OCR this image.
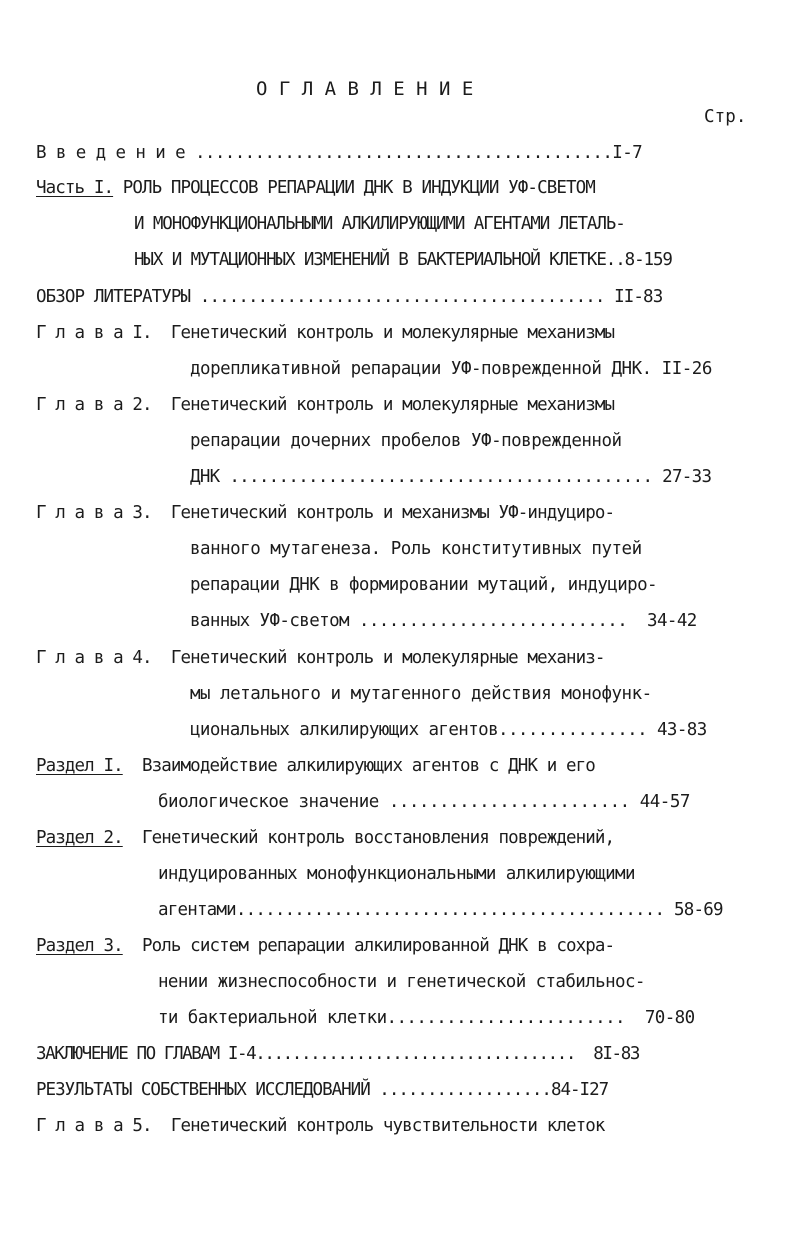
О Г Л А В Л Е Н И Е
Стр.
В в е д е н и е ..........................................I-7
Часть I. РОЛЬ ПРОЦЕССОВ РЕПАРАЦИИ ДНК В ИНДУКЦИИ УФ-СВЕТОМ
И МОНОФУНКЦИОНАЛЬНЫМИ АЛКИЛИРУЮЩИМИ АГЕНТАМИ ЛЕТАЛЬ-
НЫХ И МУТАЦИОННЫХ ИЗМЕНЕНИЙ В БАКТЕРИАЛЬНОЙ КЛЕТКЕ..8-159
ОБЗОР ЛИТЕРАТУРЫ .......................................... II-83
Г л а в а I.  Генетический контроль и молекулярные механизмы
дорепликативной репарации УФ-поврежденной ДНК. II-26
Г л а в а 2.  Генетический контроль и молекулярные механизмы
репарации дочерних пробелов УФ-поврежденной
ДНК ........................................... 27-33
Г л а в а 3.  Генетический контроль и механизмы УФ-индуциро-
ванного мутагенеза. Роль конститутивных путей
репарации ДНК в формировании мутаций, индуциро-
ванных УФ-светом ...........................  34-42
Г л а в а 4.  Генетический контроль и молекулярные механиз-
мы летального и мутагенного действия монофунк-
циональных алкилирующих агентов............... 43-83
Раздел I.  Взаимодействие алкилирующих агентов с ДНК и его
биологическое значение ........................ 44-57
Раздел 2.  Генетический контроль восстановления повреждений,
индуцированных монофункциональными алкилирующими
агентами............................................ 58-69
Раздел 3.  Роль систем репарации алкилированной ДНК в сохра-
нении жизнеспособности и генетической стабильнос-
ти бактериальной клетки........................  70-80
ЗАКЛЮЧЕНИЕ ПО ГЛАВАМ I-4...................................  8I-83
РЕЗУЛЬТАТЫ СОБСТВЕННЫХ ИССЛЕДОВАНИЙ ..................84-I27
Г л а в а 5.  Генетический контроль чувствительности клеток
